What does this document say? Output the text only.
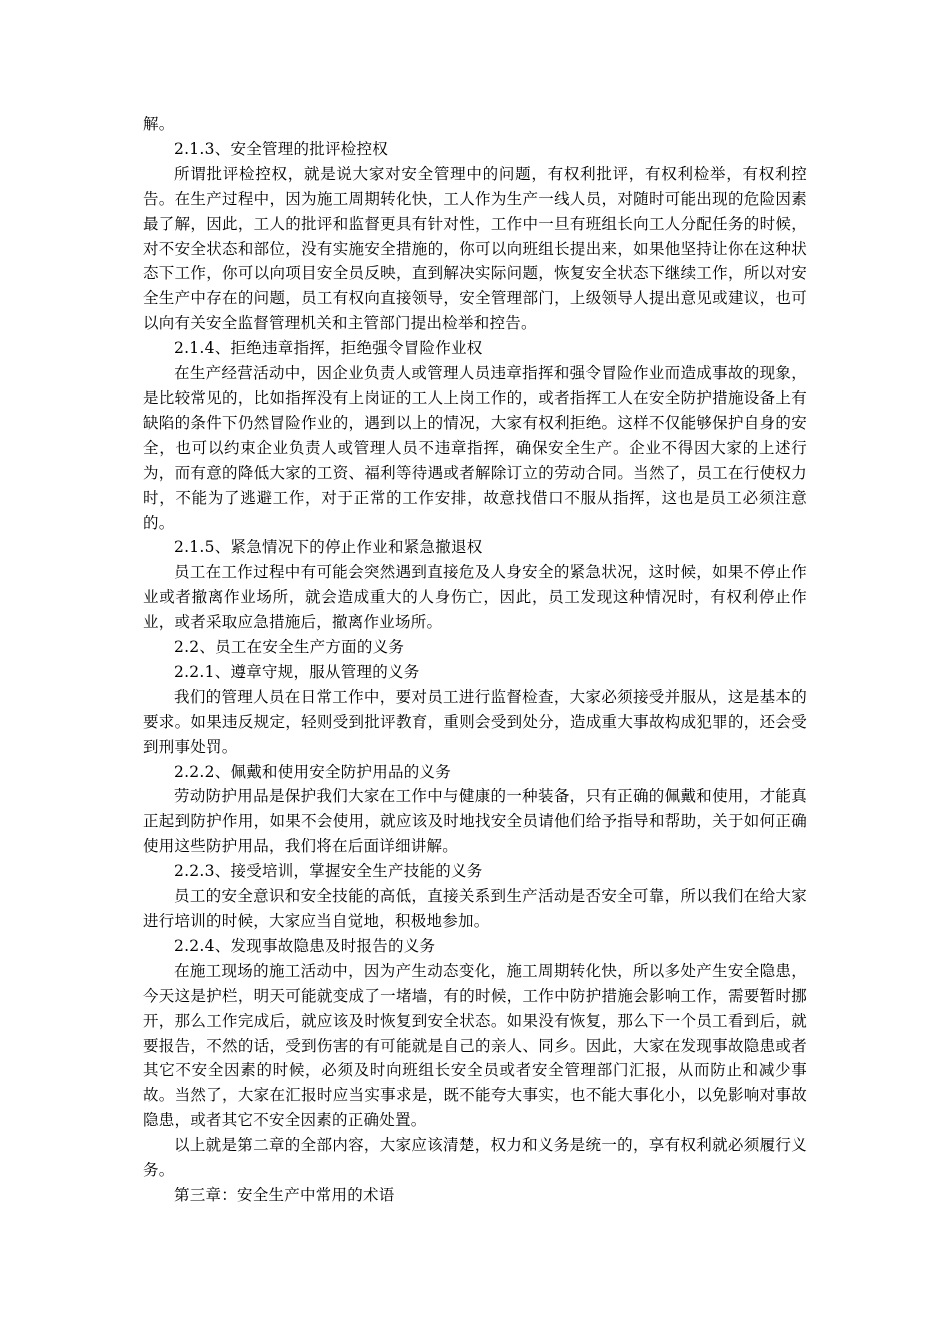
解。

2.1.3、安全管理的批评检控权

所谓批评检控权，就是说大家对安全管理中的问题，有权利批评，有权利检举，有权利控告。在生产过程中，因为施工周期转化快，工人作为生产一线人员，对随时可能出现的危险因素最了解，因此，工人的批评和监督更具有针对性，工作中一旦有班组长向工人分配任务的时候，对不安全状态和部位，没有实施安全措施的，你可以向班组长提出来，如果他坚持让你在这种状态下工作，你可以向项目安全员反映，直到解决实际问题，恢复安全状态下继续工作，所以对安全生产中存在的问题，员工有权向直接领导，安全管理部门，上级领导人提出意见或建议，也可以向有关安全监督管理机关和主管部门提出检举和控告。

2.1.4、拒绝违章指挥，拒绝强令冒险作业权

在生产经营活动中，因企业负责人或管理人员违章指挥和强令冒险作业而造成事故的现象，是比较常见的，比如指挥没有上岗证的工人上岗工作的，或者指挥工人在安全防护措施设备上有缺陷的条件下仍然冒险作业的，遇到以上的情况，大家有权利拒绝。这样不仅能够保护自身的安全，也可以约束企业负责人或管理人员不违章指挥，确保安全生产。企业不得因大家的上述行为，而有意的降低大家的工资、福利等待遇或者解除订立的劳动合同。当然了，员工在行使权力时，不能为了逃避工作，对于正常的工作安排，故意找借口不服从指挥，这也是员工必须注意的。

2.1.5、紧急情况下的停止作业和紧急撤退权

员工在工作过程中有可能会突然遇到直接危及人身安全的紧急状况，这时候，如果不停止作业或者撤离作业场所，就会造成重大的人身伤亡，因此，员工发现这种情况时，有权利停止作业，或者采取应急措施后，撤离作业场所。

2.2、员工在安全生产方面的义务

2.2.1、遵章守规，服从管理的义务

我们的管理人员在日常工作中，要对员工进行监督检查，大家必须接受并服从，这是基本的要求。如果违反规定，轻则受到批评教育，重则会受到处分，造成重大事故构成犯罪的，还会受到刑事处罚。

2.2.2、佩戴和使用安全防护用品的义务

劳动防护用品是保护我们大家在工作中与健康的一种装备，只有正确的佩戴和使用，才能真正起到防护作用，如果不会使用，就应该及时地找安全员请他们给予指导和帮助，关于如何正确使用这些防护用品，我们将在后面详细讲解。

2.2.3、接受培训，掌握安全生产技能的义务

员工的安全意识和安全技能的高低，直接关系到生产活动是否安全可靠，所以我们在给大家进行培训的时候，大家应当自觉地，积极地参加。

2.2.4、发现事故隐患及时报告的义务

在施工现场的施工活动中，因为产生动态变化，施工周期转化快，所以多处产生安全隐患，今天这是护栏，明天可能就变成了一堵墙，有的时候，工作中防护措施会影响工作，需要暂时挪开，那么工作完成后，就应该及时恢复到安全状态。如果没有恢复，那么下一个员工看到后，就要报告，不然的话，受到伤害的有可能就是自己的亲人、同乡。因此，大家在发现事故隐患或者其它不安全因素的时候，必须及时向班组长安全员或者安全管理部门汇报，从而防止和减少事故。当然了，大家在汇报时应当实事求是，既不能夸大事实，也不能大事化小，以免影响对事故隐患，或者其它不安全因素的正确处置。

以上就是第二章的全部内容，大家应该清楚，权力和义务是统一的，享有权利就必须履行义务。

第三章：安全生产中常用的术语
